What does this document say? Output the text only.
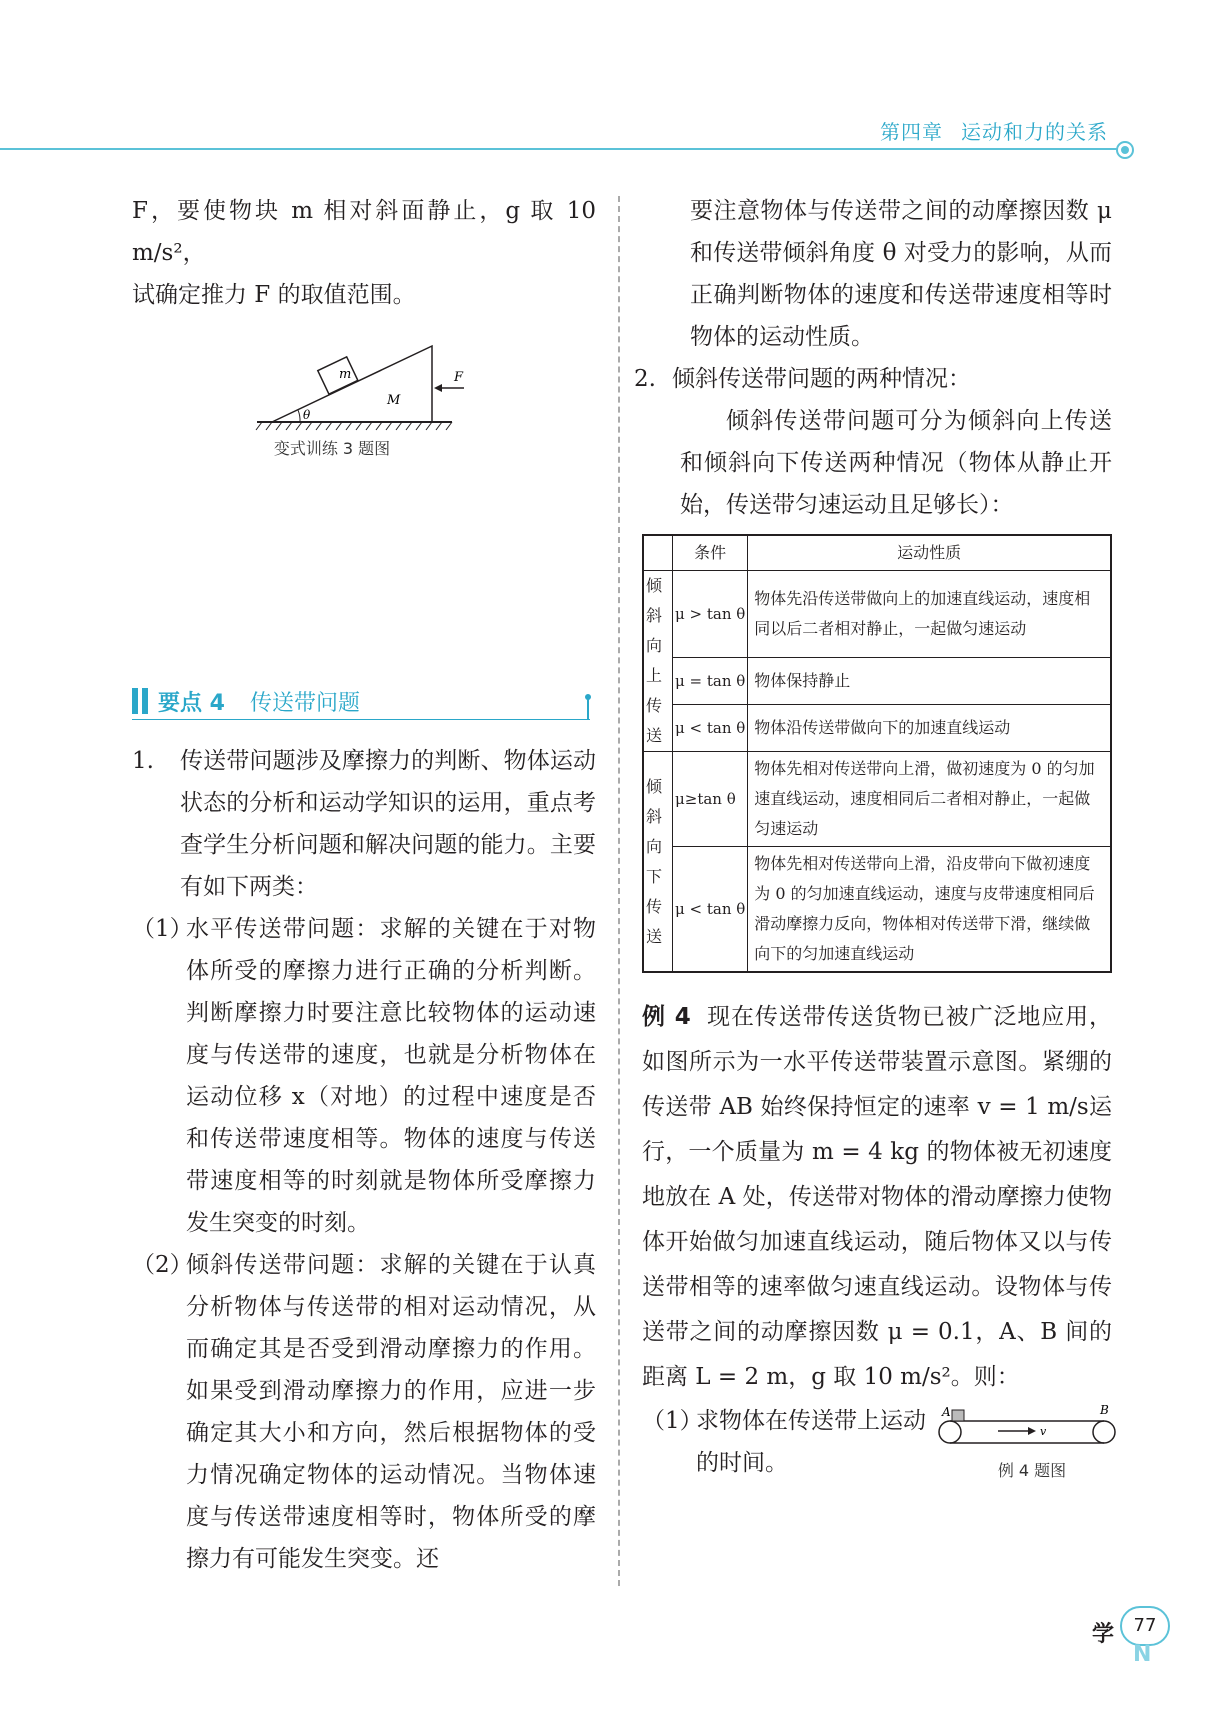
第四章 运动和力的关系

F，要使物块 m 相对斜面静止，g 取 10 m/s²，

试确定推力 F 的取值范围。

m
M
F
θ

变式训练 3 题图

要点 4 传送带问题
1. 传送带问题涉及摩擦力的判断、物体运动状态的分析和运动学知识的运用，重点考查学生分析问题和解决问题的能力。主要有如下两类：

（1）

水平传送带问题：求解的关键在于对物体所受的摩擦力进行正确的分析判断。判断摩擦力时要注意比较物体的运动速度与传送带的速度，也就是分析物体在运动位移 x（对地）的过程中速度是否和传送带速度相等。物体的速度与传送带速度相等的时刻就是物体所受摩擦力发生突变的时刻。

（2）

倾斜传送带问题：求解的关键在于认真分析物体与传送带的相对运动情况，从而确定其是否受到滑动摩擦力的作用。如果受到滑动摩擦力的作用，应进一步确定其大小和方向，然后根据物体的受力情况确定物体的运动情况。当物体速度与传送带速度相等时，物体所受的摩擦力有可能发生突变。还

要注意物体与传送带之间的动摩擦因数 μ 和传送带倾斜角度 θ 对受力的影响，从而正确判断物体的速度和传送带速度相等时物体的运动性质。

2. 倾斜传送带问题的两种情况：

倾斜传送带问题可分为倾斜向上传送和倾斜向下传送两种情况（物体从静止开始，传送带匀速运动且足够长）：

	条件	运动性质
倾斜向上传送	μ > tan θ	物体先沿传送带做向上的加速直线运动，速度相同以后二者相对静止，一起做匀速运动
	μ = tan θ	物体保持静止
	μ < tan θ	物体沿传送带做向下的加速直线运动
倾斜向下传送	μ≥tan θ	物体先相对传送带向上滑，做初速度为 0 的匀加速直线运动，速度相同后二者相对静止，一起做匀速运动
	μ < tan θ	物体先相对传送带向上滑，沿皮带向下做初速度为 0 的匀加速直线运动，速度与皮带速度相同后滑动摩擦力反向，物体相对传送带下滑，继续做向下的匀加速直线运动

例 4 现在传送带传送货物已被广泛地应用，如图所示为一水平传送带装置示意图。紧绷的传送带 AB 始终保持恒定的速率 v = 1 m/s运行，一个质量为 m = 4 kg 的物体被无初速度地放在 A 处，传送带对物体的滑动摩擦力使物体开始做匀加速直线运动，随后物体又以与传送带相等的速率做匀速直线运动。设物体与传送带之间的动摩擦因数 μ = 0.1，A、B 间的距离 L = 2 m，g 取 10 m/s²。则：

（1）

求物体在传送带上运动的时间。

A	B
v

例 4 题图

学	77
N
